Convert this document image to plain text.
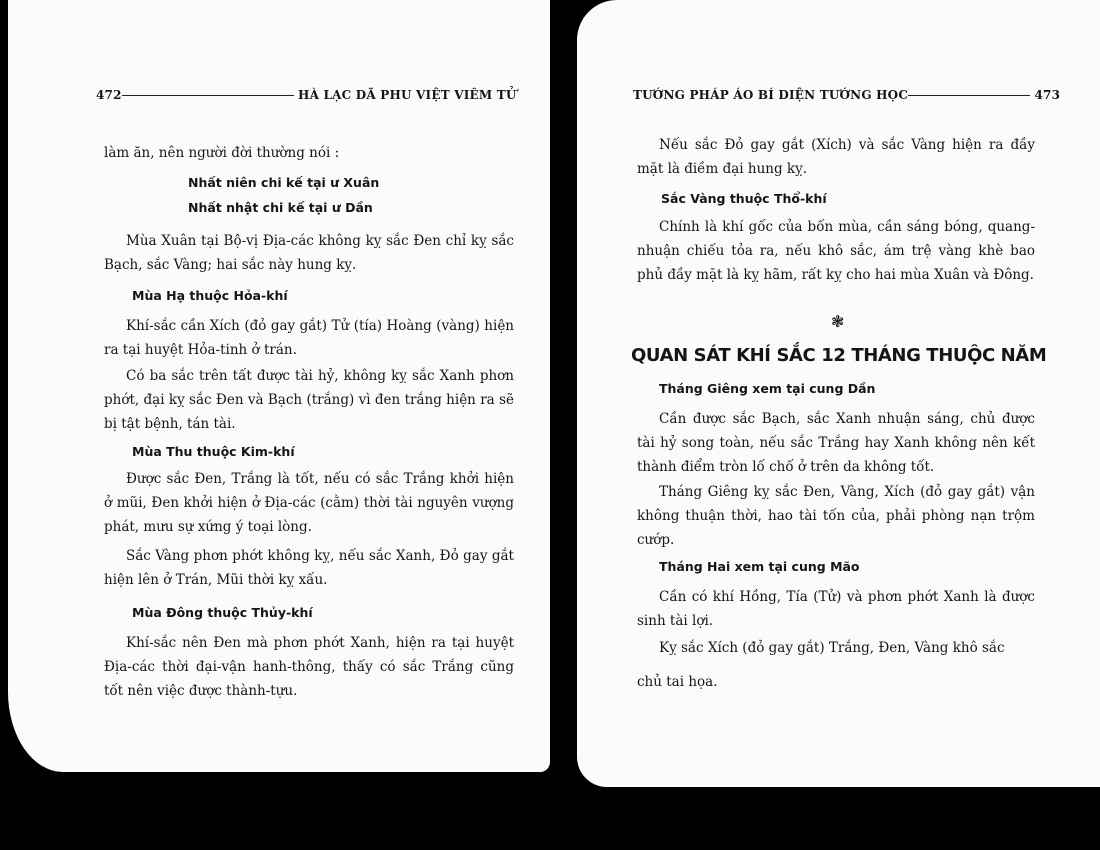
472	HÀ LẠC DÃ PHU VIỆT VIÊM TỬ

làm ăn, nên người đời thường nói :

Nhất niên chi kế tại ư Xuân

Nhất nhật chi kế tại ư Dần

Mùa Xuân tại Bộ-vị Địa-các không kỵ sắc Đen chỉ kỵ sắc Bạch, sắc Vàng; hai sắc này hung kỵ.

Mùa Hạ thuộc Hỏa-khí

Khí-sắc cần Xích (đỏ gay gắt) Tử (tía) Hoàng (vàng) hiện ra tại huyệt Hỏa-tinh ở trán.

Có ba sắc trên tất được tài hỷ, không kỵ sắc Xanh phơn phớt, đại kỵ sắc Đen và Bạch (trắng) vì đen trắng hiện ra sẽ bị tật bệnh, tán tài.

Mùa Thu thuộc Kim-khí

Được sắc Đen, Trắng là tốt, nếu có sắc Trắng khởi hiện ở mũi, Đen khởi hiện ở Địa-các (cằm) thời tài nguyên vượng phát, mưu sự xứng ý toại lòng.

Sắc Vàng phơn phớt không kỵ, nếu sắc Xanh, Đỏ gay gắt hiện lên ở Trán, Mũi thời kỵ xấu.

Mùa Đông thuộc Thủy-khí

Khí-sắc nên Đen mà phơn phớt Xanh, hiện ra tại huyệt Địa-các thời đại-vận hanh-thông, thấy có sắc Trắng cũng tốt nên việc được thành-tựu.

TƯỚNG PHÁP ÁO BÍ DIỆN TƯỚNG HỌC	473

Nếu sắc Đỏ gay gắt (Xích) và sắc Vàng hiện ra đầy mặt là điềm đại hung kỵ.

Sắc Vàng thuộc Thổ-khí

Chính là khí gốc của bốn mùa, cần sáng bóng, quang-nhuận chiếu tỏa ra, nếu khô sắc, ám trệ vàng khè bao phủ đầy mặt là kỵ hãm, rất kỵ cho hai mùa Xuân và Đông.

❃
QUAN SÁT KHÍ SẮC 12 THÁNG THUỘC NĂM

Tháng Giêng xem tại cung Dần

Cần được sắc Bạch, sắc Xanh nhuận sáng, chủ được tài hỷ song toàn, nếu sắc Trắng hay Xanh không nên kết thành điểm tròn lố chố ở trên da không tốt.

Tháng Giêng kỵ sắc Đen, Vàng, Xích (đỏ gay gắt) vận không thuận thời, hao tài tốn của, phải phòng nạn trộm cướp.

Tháng Hai xem tại cung Mão

Cần có khí Hồng, Tía (Tử) và phơn phớt Xanh là được sinh tài lợi.

Kỵ sắc Xích (đỏ gay gắt) Trắng, Đen, Vàng khô sắc

chủ tai họa.
